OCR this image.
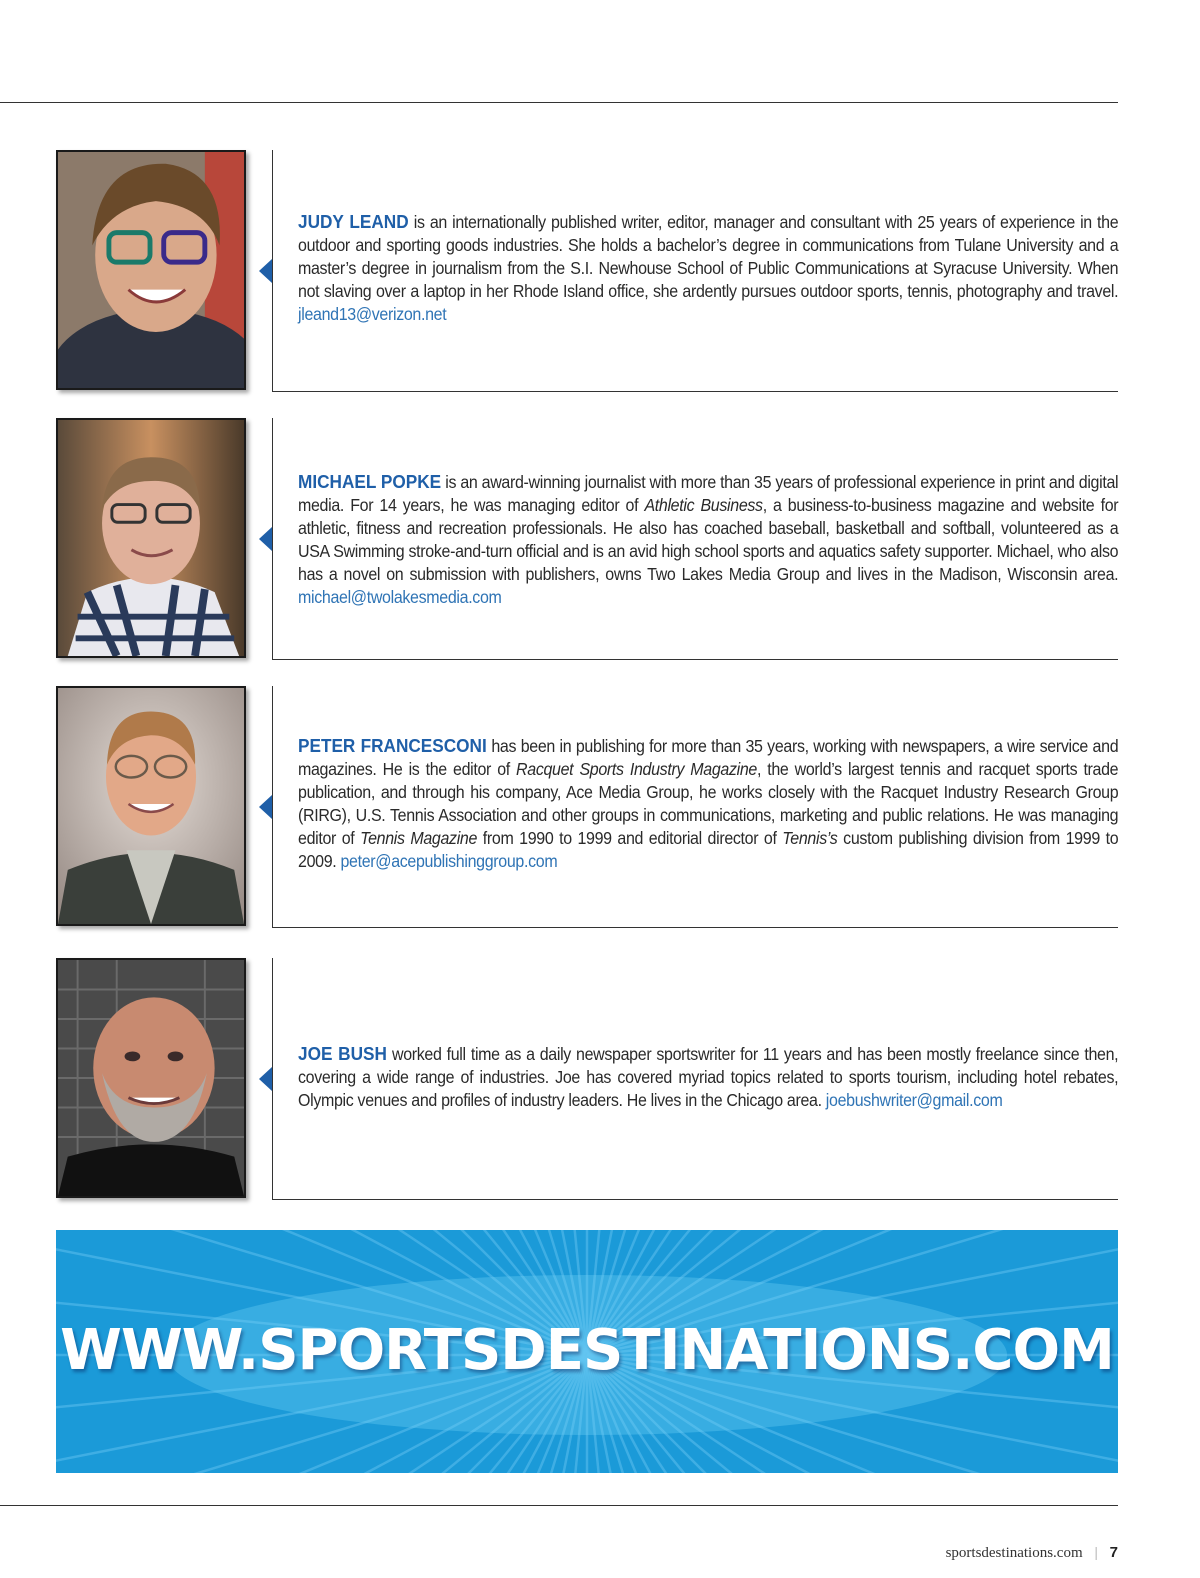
JUDY LEAND is an internationally published writer, editor, manager and consultant with 25 years of experience in the outdoor and sporting goods industries. She holds a bachelor’s degree in communications from Tulane University and a master’s degree in journalism from the S.I. Newhouse School of Public Communications at Syracuse University. When not slaving over a laptop in her Rhode Island office, she ardently pursues outdoor sports, tennis, photography and travel. jleand13@verizon.net
MICHAEL POPKE is an award-winning journalist with more than 35 years of professional experience in print and digital media. For 14 years, he was managing editor of Athletic Business, a business-to-business magazine and website for athletic, fitness and recreation professionals. He also has coached baseball, basketball and softball, volunteered as a USA Swimming stroke-and-turn official and is an avid high school sports and aquatics safety supporter. Michael, who also has a novel on submission with publishers, owns Two Lakes Media Group and lives in the Madison, Wisconsin area. michael@twolakesmedia.com
PETER FRANCESCONI has been in publishing for more than 35 years, working with newspapers, a wire service and magazines. He is the editor of Racquet Sports Industry Magazine, the world’s largest tennis and racquet sports trade publication, and through his company, Ace Media Group, he works closely with the Racquet Industry Research Group (RIRG), U.S. Tennis Association and other groups in communications, marketing and public relations. He was managing editor of Tennis Magazine from 1990 to 1999 and editorial director of Tennis’s custom publishing division from 1999 to 2009. peter@acepublishinggroup.com
JOE BUSH worked full time as a daily newspaper sportswriter for 11 years and has been mostly freelance since then, covering a wide range of industries. Joe has covered myriad topics related to sports tourism, including hotel rebates, Olympic venues and profiles of industry leaders. He lives in the Chicago area. joebushwriter@gmail.com
WWW.SPORTSDESTINATIONS.COM
sportsdestinations.com | 7
